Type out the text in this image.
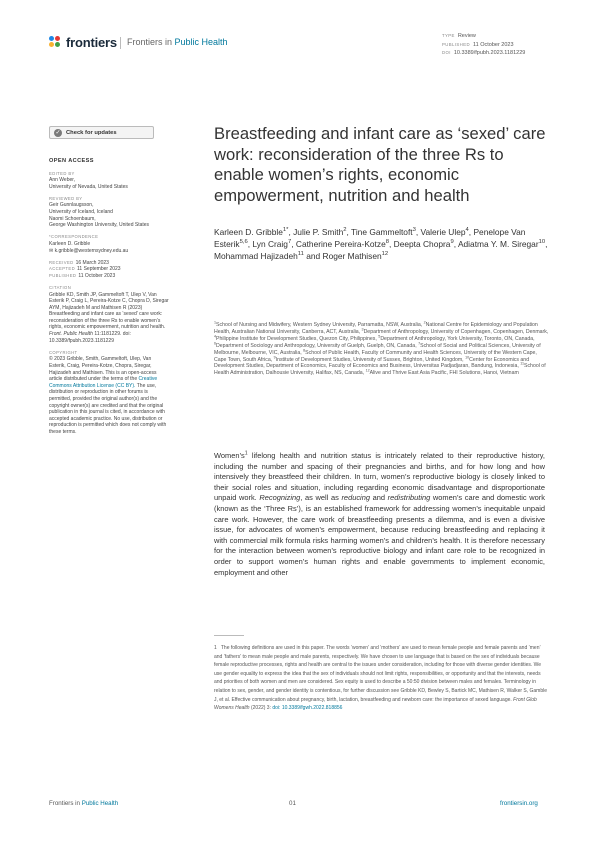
frontiers Frontiers in Public Health
TYPE Review
PUBLISHED 11 October 2023
DOI 10.3389/fpubh.2023.1181229
✓ Check for updates
OPEN ACCESS
EDITED BY

Ann Weber,

University of Nevada, United States

REVIEWED BY

Geir Gunnlaugsson,

University of Iceland, Iceland

Naomi Schoenbaum,

George Washington University, United States

*CORRESPONDENCE

Karleen D. Gribble

✉ k.gribble@westernsydney.edu.au

RECEIVED 16 March 2023

ACCEPTED 11 September 2023

PUBLISHED 11 October 2023

CITATION

Gribble KD, Smith JP, Gammeltoft T, Ulep V, Van Esterik P, Craig L, Pereira-Kotze C, Chopra D, Siregar AYM, Hajizadeh M and Mathisen R (2023) Breastfeeding and infant care as ‘sexed’ care work: reconsideration of the three Rs to enable women’s rights, economic empowerment, nutrition and health. Front. Public Health 11:1181229. doi: 10.3389/fpubh.2023.1181229

COPYRIGHT

© 2023 Gribble, Smith, Gammeltoft, Ulep, Van Esterik, Craig, Pereira-Kotze, Chopra, Siregar, Hajizadeh and Mathisen. This is an open-access article distributed under the terms of the Creative Commons Attribution License (CC BY). The use, distribution or reproduction in other forums is permitted, provided the original author(s) and the copyright owner(s) are credited and that the original publication in this journal is cited, in accordance with accepted academic practice. No use, distribution or reproduction is permitted which does not comply with these terms.

Breastfeeding and infant care as ‘sexed’ care work: reconsideration of the three Rs to enable women’s rights, economic empowerment, nutrition and health
Karleen D. Gribble$^{1*}$, Julie P. Smith$^2$, Tine Gammeltoft$^3$, Valerie Ulep$^4$, Penelope Van Esterik$^{5,6}$, Lyn Craig$^7$, Catherine Pereira-Kotze$^8$, Deepta Chopra$^9$, Adiatma Y. M. Siregar$^{10}$, Mohammad Hajizadeh$^{11}$ and Roger Mathisen$^{12}$
$^1$School of Nursing and Midwifery, Western Sydney University, Parramatta, NSW, Australia, $^2$National Centre for Epidemiology and Population Health, Australian National University, Canberra, ACT, Australia, $^3$Department of Anthropology, University of Copenhagen, Copenhagen, Denmark, $^4$Philippine Institute for Development Studies, Quezon City, Philippines, $^5$Department of Anthropology, York University, Toronto, ON, Canada, $^6$Department of Sociology and Anthropology, University of Guelph, Guelph, ON, Canada, $^7$School of Social and Political Sciences, University of Melbourne, Melbourne, VIC, Australia, $^8$School of Public Health, Faculty of Community and Health Sciences, University of the Western Cape, Cape Town, South Africa, $^9$Institute of Development Studies, University of Sussex, Brighton, United Kingdom, $^{10}$Center for Economics and Development Studies, Department of Economics, Faculty of Economics and Business, Universitas Padjadjaran, Bandung, Indonesia, $^{11}$School of Health Administration, Dalhousie University, Halifax, NS, Canada, $^{12}$Alive and Thrive East Asia Pacific, FHI Solutions, Hanoi, Vietnam
$Women’s^1$ lifelong health and nutrition status is intricately related to their reproductive history, including the number and spacing of their pregnancies and births, and for how long and how intensively they breastfeed their children. In turn, women’s reproductive biology is closely linked to their social roles and situation, including regarding economic disadvantage and disproportionate unpaid work. Recognizing, as well as reducing and redistributing women’s care and domestic work (known as the ‘Three Rs’), is an established framework for addressing women’s inequitable unpaid care work. However, the care work of breastfeeding presents a dilemma, and is even a divisive issue, for advocates of women’s empowerment, because reducing breastfeeding and replacing it with commercial milk formula risks harming women’s and children’s health. It is therefore necessary for the interaction between women’s reproductive biology and infant care role to be recognized in order to support women’s human rights and enable governments to implement economic, employment and other
1 The following definitions are used in this paper. The words ‘women’ and ‘mothers’ are used to mean female people and female parents and ‘men’ and ‘fathers’ to mean male people and male parents, respectively. We have chosen to use language that is based on the sex of individuals because female reproductive processes, rights and health are central to the issues under consideration, including for those with diverse gender identities. We use gender equality to express the idea that the sex of individuals should not limit rights, responsibilities, or opportunity and that the interests, needs and priorities of both women and men are considered. Sex equity is used to describe a 50:50 division between males and females. Terminology in relation to sex, gender, and gender identity is contentious, for further discussion see Gribble KD, Bewley S, Bartick MC, Mathisen R, Walker S, Gamble J, et al. Effective communication about pregnancy, birth, lactation, breastfeeding and newborn care: the importance of sexed language. Front Glob Womens Health (2022) 3: doi: 10.3389/fgwh.2022.818856
Frontiers in Public Health	01	frontiersin.org
